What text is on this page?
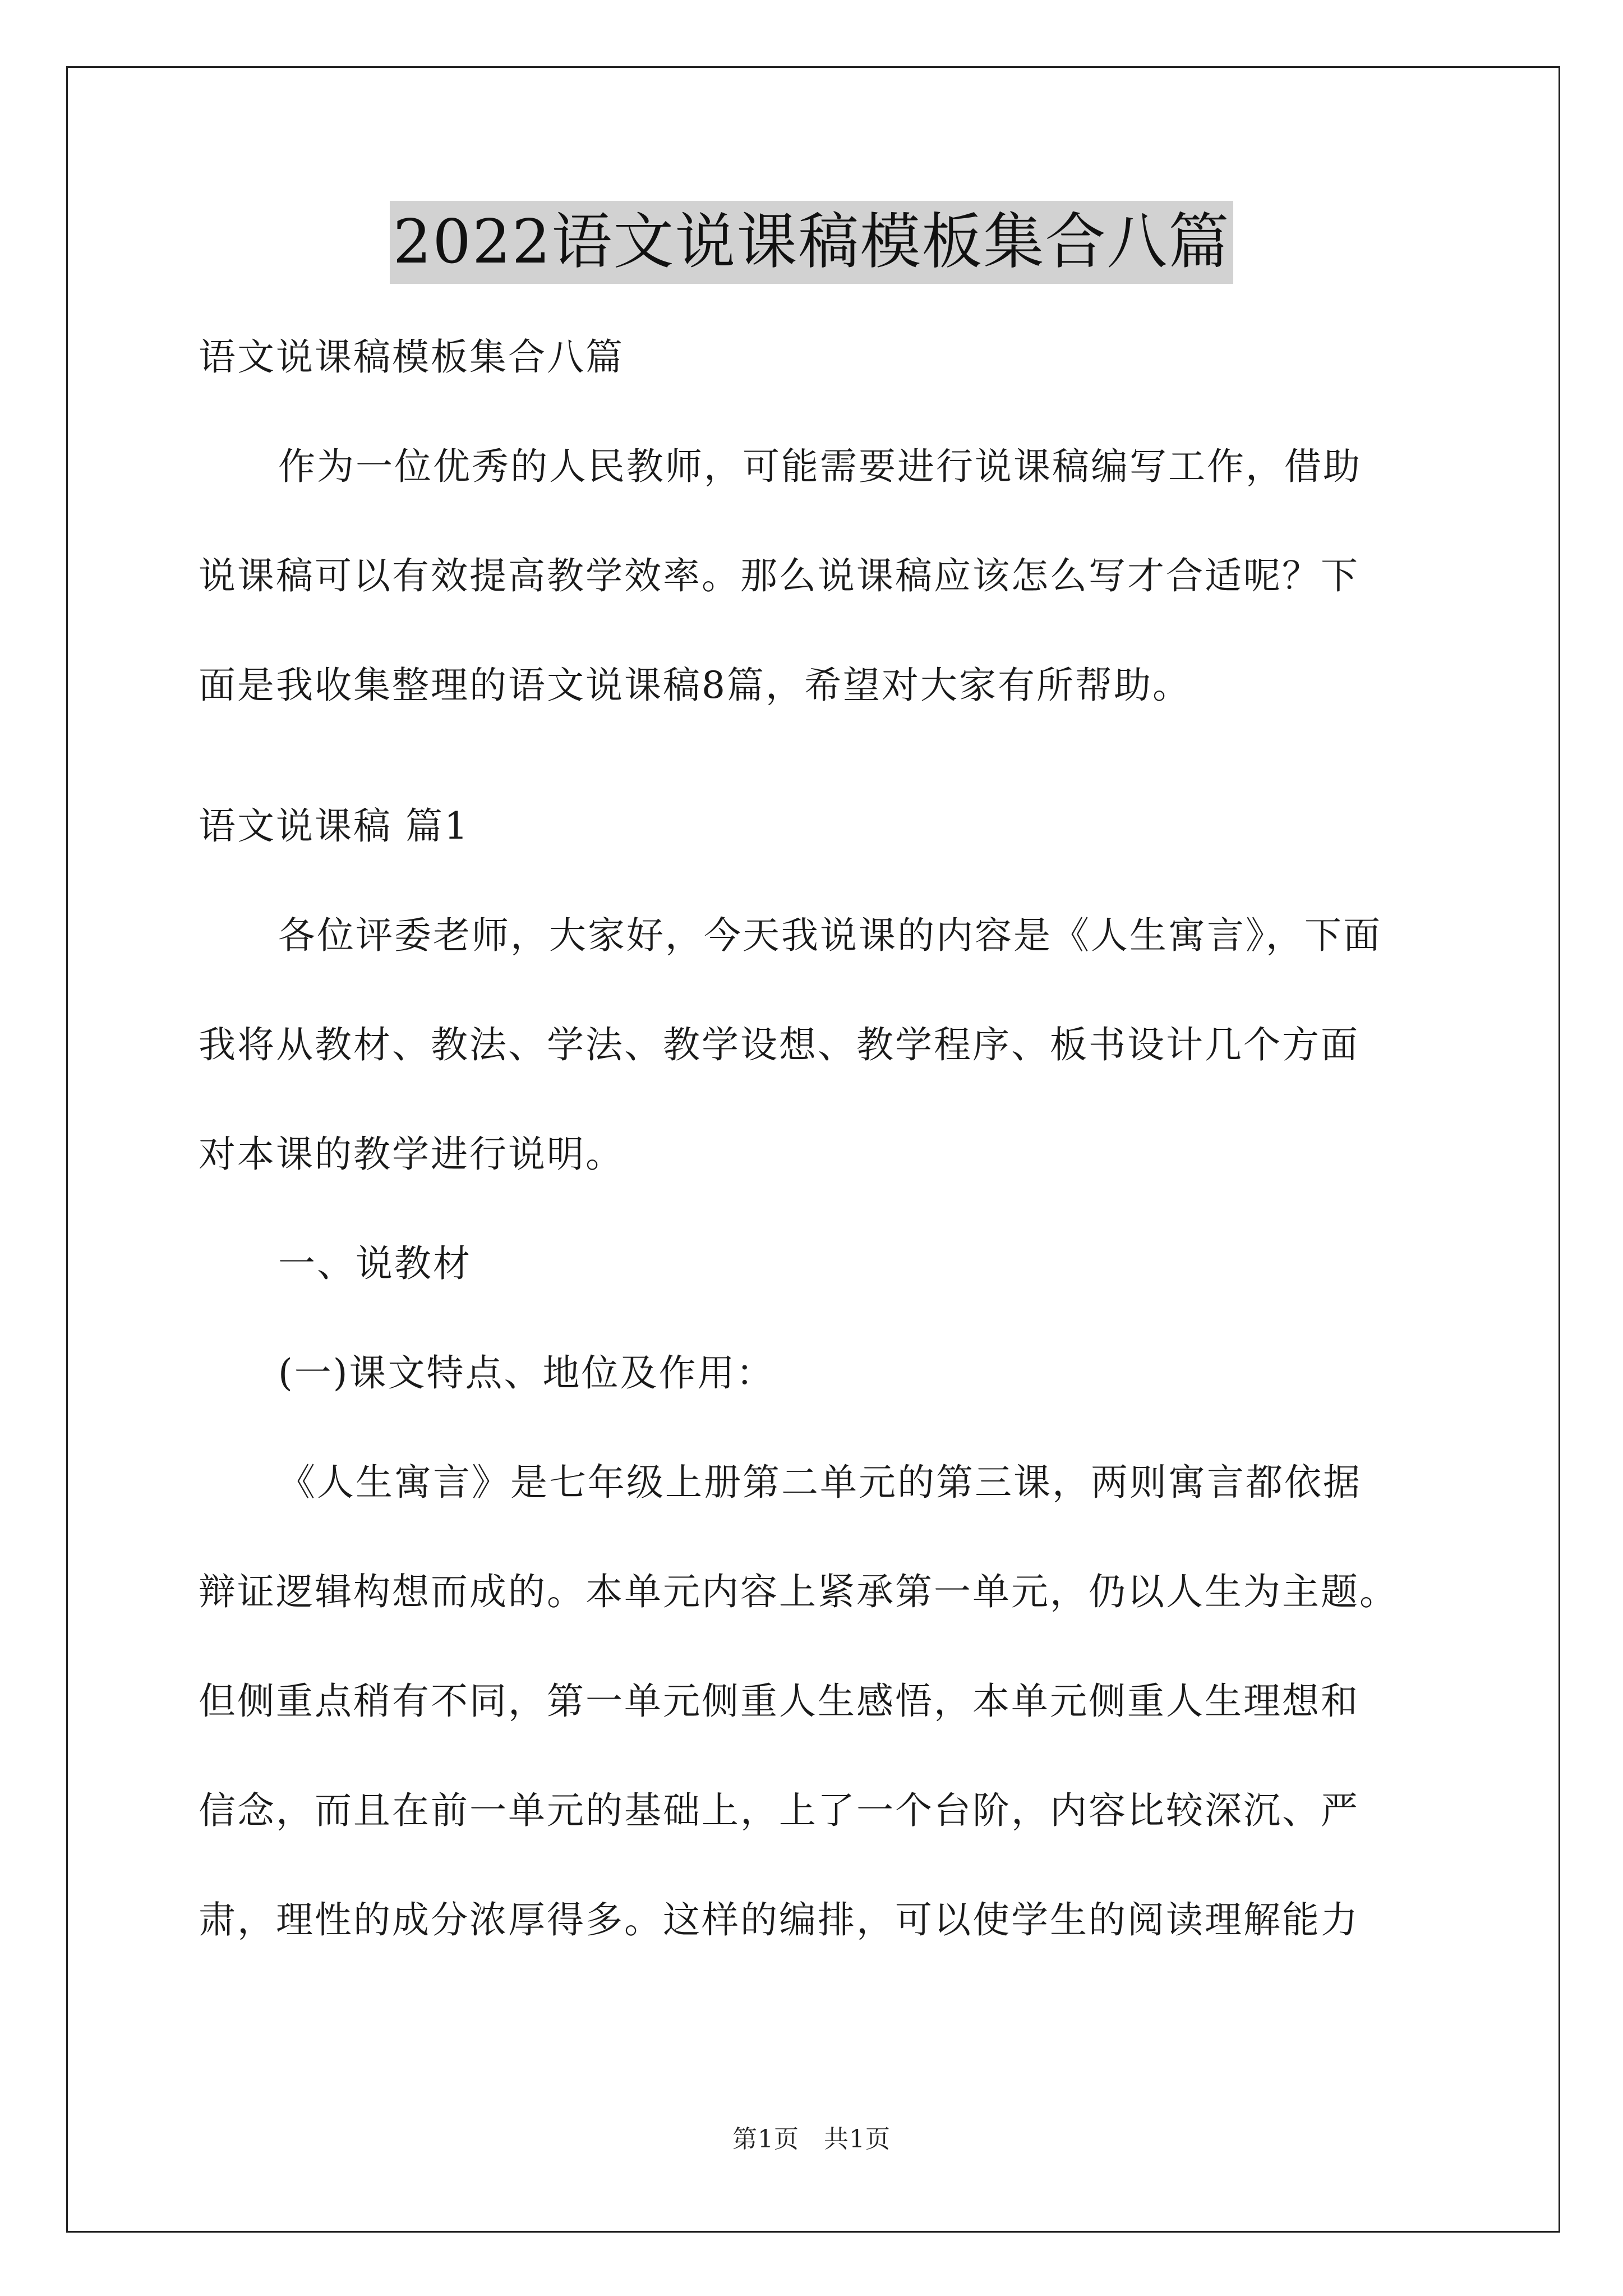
2022语文说课稿模板集合八篇
语文说课稿模板集合八篇
作为一位优秀的人民教师，可能需要进行说课稿编写工作，借助
说课稿可以有效提高教学效率。那么说课稿应该怎么写才合适呢？下
面是我收集整理的语文说课稿8篇，希望对大家有所帮助。
语文说课稿 篇1
各位评委老师，大家好，今天我说课的内容是《人生寓言》，下面
我将从教材、教法、学法、教学设想、教学程序、板书设计几个方面
对本课的教学进行说明。
一、说教材
(一)课文特点、地位及作用：
《人生寓言》是七年级上册第二单元的第三课，两则寓言都依据
辩证逻辑构想而成的。本单元内容上紧承第一单元，仍以人生为主题。
但侧重点稍有不同，第一单元侧重人生感悟，本单元侧重人生理想和
信念，而且在前一单元的基础上，上了一个台阶，内容比较深沉、严
肃，理性的成分浓厚得多。这样的编排，可以使学生的阅读理解能力
第1页 共1页
